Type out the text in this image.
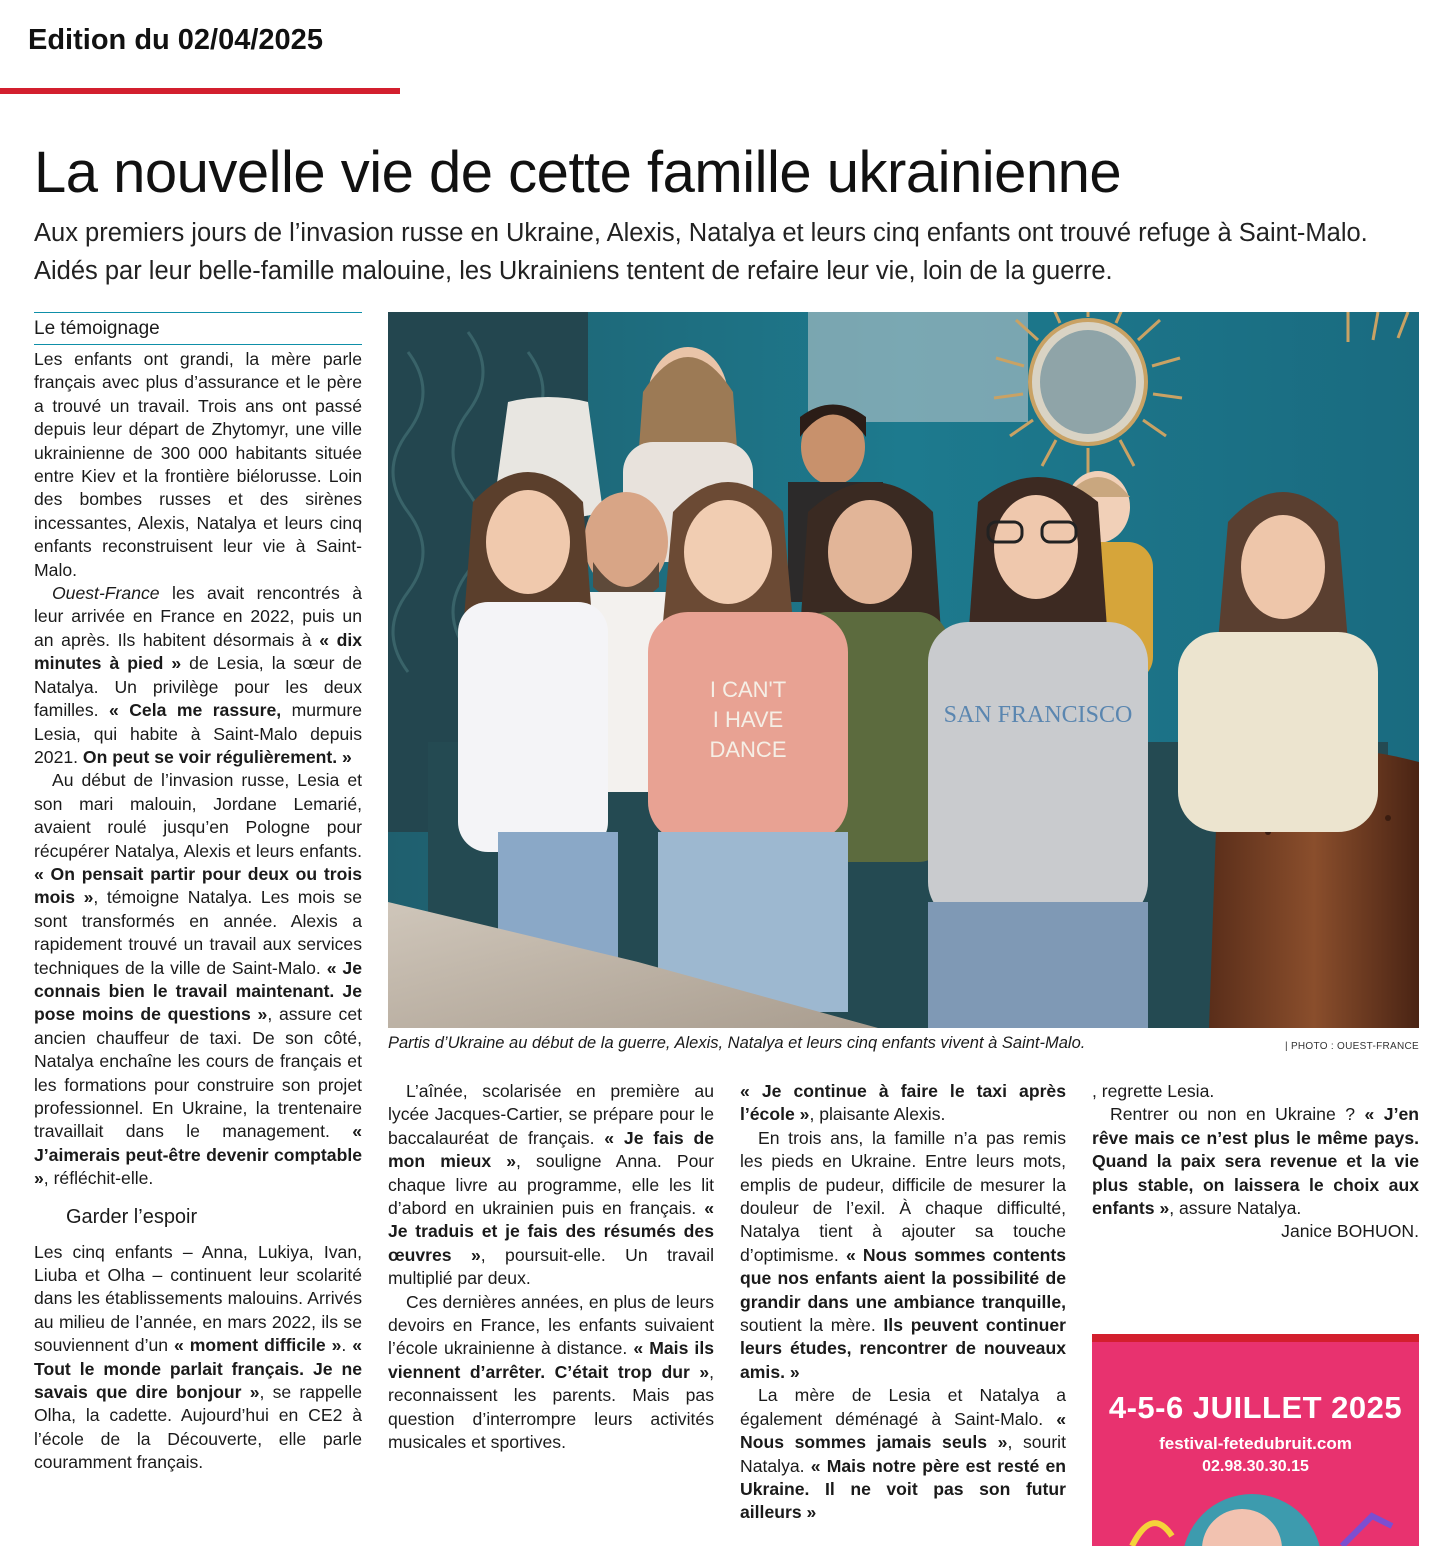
Edition du 02/04/2025
La nouvelle vie de cette famille ukrainienne

Aux premiers jours de l’invasion russe en Ukraine, Alexis, Natalya et leurs cinq enfants ont trouvé refuge à Saint-Malo. Aidés par leur belle-famille malouine, les Ukrainiens tentent de refaire leur vie, loin de la guerre.

Le témoignage

Les enfants ont grandi, la mère parle français avec plus d’assurance et le père a trouvé un travail. Trois ans ont passé depuis leur départ de Zhytomyr, une ville ukrainienne de 300 000 habitants située entre Kiev et la frontière biélorusse. Loin des bombes russes et des sirènes incessantes, Alexis, Natalya et leurs cinq enfants reconstruisent leur vie à Saint-Malo.

Ouest-France les avait rencontrés à leur arrivée en France en 2022, puis un an après. Ils habitent désormais à « dix minutes à pied » de Lesia, la sœur de Natalya. Un privilège pour les deux familles. « Cela me rassure, murmure Lesia, qui habite à Saint-Malo depuis 2021. On peut se voir régulièrement. »

Au début de l’invasion russe, Lesia et son mari malouin, Jordane Lemarié, avaient roulé jusqu’en Pologne pour récupérer Natalya, Alexis et leurs enfants. « On pensait partir pour deux ou trois mois », témoigne Natalya. Les mois se sont transformés en année. Alexis a rapidement trouvé un travail aux services techniques de la ville de Saint-Malo. « Je connais bien le travail maintenant. Je pose moins de questions », assure cet ancien chauffeur de taxi. De son côté, Natalya enchaîne les cours de français et les formations pour construire son projet professionnel. En Ukraine, la trentenaire travaillait dans le management. « J’aimerais peut-être devenir comptable », réfléchit-elle.

Garder l’espoir

Les cinq enfants – Anna, Lukiya, Ivan, Liuba et Olha – continuent leur scolarité dans les établissements malouins. Arrivés au milieu de l’année, en mars 2022, ils se souviennent d’un « moment difficile ». « Tout le monde parlait français. Je ne savais que dire bonjour », se rappelle Olha, la cadette. Aujourd’hui en CE2 à l’école de la Découverte, elle parle couramment français.

I CAN'T
I HAVE
DANCE
SAN FRANCISCO
Partis d’Ukraine au début de la guerre, Alexis, Natalya et leurs cinq enfants vivent à Saint-Malo.	| PHOTO : OUEST-FRANCE

L’aînée, scolarisée en première au lycée Jacques-Cartier, se prépare pour le baccalauréat de français. « Je fais de mon mieux », souligne Anna. Pour chaque livre au programme, elle les lit d’abord en ukrainien puis en français. « Je traduis et je fais des résumés des œuvres », poursuit-elle. Un travail multiplié par deux.

Ces dernières années, en plus de leurs devoirs en France, les enfants suivaient l’école ukrainienne à distance. « Mais ils viennent d’arrêter. C’était trop dur », reconnaissent les parents. Mais pas question d’interrompre leurs activités musicales et sportives.

« Je continue à faire le taxi après l’école », plaisante Alexis.

En trois ans, la famille n’a pas remis les pieds en Ukraine. Entre leurs mots, emplis de pudeur, difficile de mesurer la douleur de l’exil. À chaque difficulté, Natalya tient à ajouter sa touche d’optimisme. « Nous sommes contents que nos enfants aient la possibilité de grandir dans une ambiance tranquille, soutient la mère. Ils peuvent continuer leurs études, rencontrer de nouveaux amis. »

La mère de Lesia et Natalya a également déménagé à Saint-Malo. « Nous sommes jamais seuls », sourit Natalya. « Mais notre père est resté en Ukraine. Il ne voit pas son futur ailleurs »

, regrette Lesia.

Rentrer ou non en Ukraine ? « J’en rêve mais ce n’est plus le même pays. Quand la paix sera revenue et la vie plus stable, on laissera le choix aux enfants », assure Natalya.

Janice BOHUON.

4-5-6 JUILLET 2025
festival-fetedubruit.com
02.98.30.30.15
